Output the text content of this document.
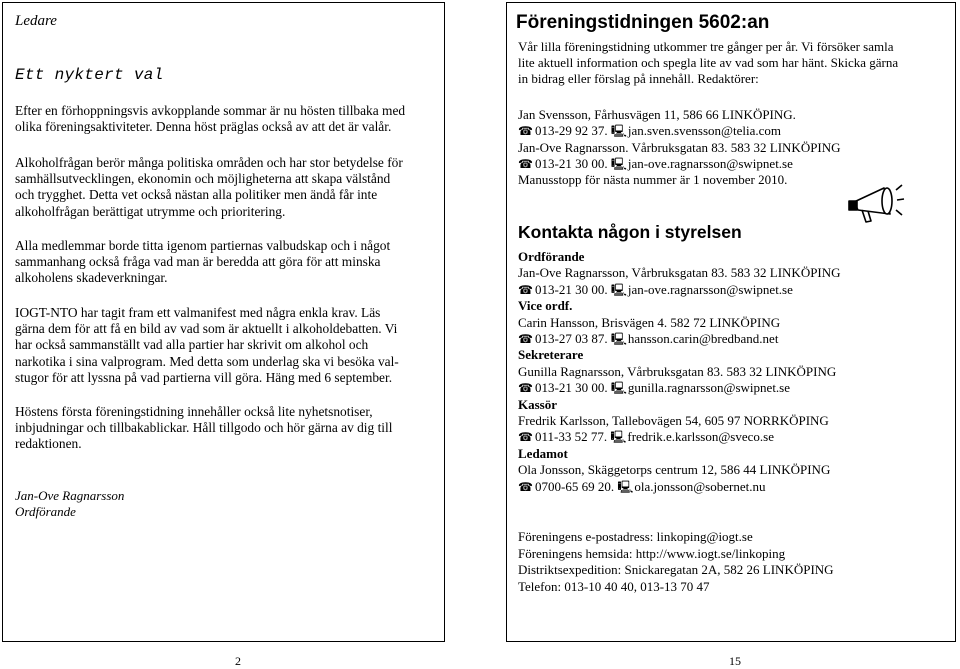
Ledare
Ett nyktert val
Efter en förhoppningsvis avkopplande sommar är nu hösten tillbaka med
olika föreningsaktiviteter. Denna höst präglas också av att det är valår.
Alkoholfrågan berör många politiska områden och har stor betydelse för
samhällsutvecklingen, ekonomin och möjligheterna att skapa välstånd
och trygghet. Detta vet också nästan alla politiker men ändå får inte
alkoholfrågan berättigat utrymme och prioritering.
Alla medlemmar borde titta igenom partiernas valbudskap och i något
sammanhang också fråga vad man är beredda att göra för att minska
alkoholens skadeverkningar.
IOGT-NTO har tagit fram ett valmanifest med några enkla krav. Läs
gärna dem för att få en bild av vad som är aktuellt i alkoholdebatten. Vi
har också sammanställt vad alla partier har skrivit om alkohol och
narkotika i sina valprogram. Med detta som underlag ska vi besöka val-
stugor för att lyssna på vad partierna vill göra. Häng med 6 september.
Höstens första föreningstidning innehåller också lite nyhetsnotiser,
inbjudningar och tillbakablickar. Håll tillgodo och hör gärna av dig till
redaktionen.
Jan-Ove Ragnarsson
Ordförande
Föreningstidningen 5602:an
Vår lilla föreningstidning utkommer tre gånger per år. Vi försöker samla
lite aktuell information och spegla lite av vad som har hänt. Skicka gärna
in bidrag eller förslag på innehåll. Redaktörer:
Jan Svensson, Fårhusvägen 11, 586 66 LINKÖPING.
☎ 013-29 92 37. 🖳jan.sven.svensson@telia.com
Jan-Ove Ragnarsson. Vårbruksgatan 83. 583 32 LINKÖPING
☎ 013-21 30 00. 🖳jan-ove.ragnarsson@swipnet.se
Manusstopp för nästa nummer är 1 november 2010.
Kontakta någon i styrelsen
Ordförande
Jan-Ove Ragnarsson, Vårbruksgatan 83. 583 32 LINKÖPING
☎ 013-21 30 00. 🖳jan-ove.ragnarsson@swipnet.se
Vice ordf.
Carin Hansson, Brisvägen 4. 582 72 LINKÖPING
☎ 013-27 03 87. 🖳hansson.carin@bredband.net
Sekreterare
Gunilla Ragnarsson, Vårbruksgatan 83. 583 32 LINKÖPING
☎ 013-21 30 00. 🖳gunilla.ragnarsson@swipnet.se
Kassör
Fredrik Karlsson, Tallebovägen 54, 605 97 NORRKÖPING
☎ 011-33 52 77. 🖳fredrik.e.karlsson@sveco.se
Ledamot
Ola Jonsson, Skäggetorps centrum 12, 586 44 LINKÖPING
☎ 0700-65 69 20. 🖳ola.jonsson@sobernet.nu
Föreningens e-postadress: linkoping@iogt.se
Föreningens hemsida: http://www.iogt.se/linkoping
Distriktsexpedition: Snickaregatan 2A, 582 26 LINKÖPING
Telefon: 013-10 40 40, 013-13 70 47
2	15
